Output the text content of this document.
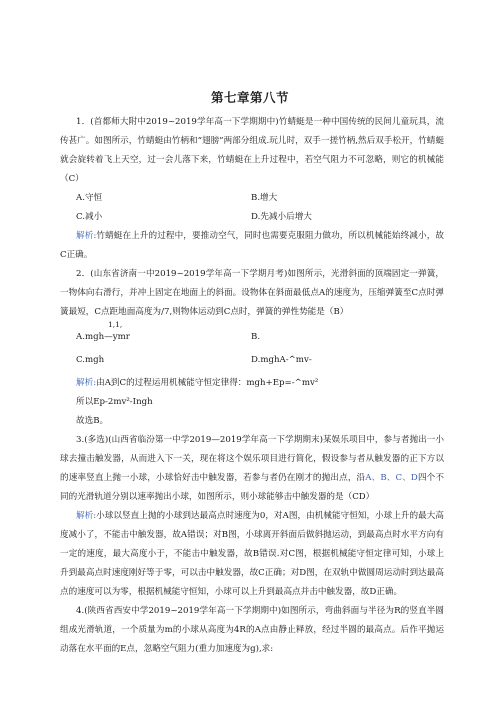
第七章第八节

1．(首都师大附中2019~2019学年高一下学期期中)竹蜻蜓是一种中国传统的民间儿童玩具，流传甚广。如图所示，竹蜻蜓由竹柄和“翅膀”两部分组成.玩儿时，双手一搓竹柄,然后双手松开，竹蜻蜓就会旋转着飞上天空，过一会儿落下来，竹蜻蜓在上升过程中，若空气阻力不可忽略，则它的机械能（C）

A.守恒	B.增大
C.减小	D.先减小后增大

解析:竹蜻蜓在上升的过程中，要推动空气，同时也需要克服阻力做功，所以机械能始终减小，故C正确。

2．(山东省济南一中2019~2019学年高一下学期月考)如图所示，光滑斜面的顶端固定一弹簧，一物体向右滑行，并冲上固定在地面上的斜面。设物体在斜面最低点A的速度为，压缩弹簧至C点时弹簧最短，C点距地面高度为/7,则物体运动到C点时，弹簧的弹性势能是（B）

1,1,
A.mgh—ymr	B.
C.mgh	D.mghA-^mv-

解析:由A到C的过程运用机械能守恒定律得：mgh+Ep=-^mv²

所以Ep-2mv²-Ingh

故选B。

3.(多选)(山西省临汾第一中学2019—2019学年高一下学期期末)某娱乐项目中，参与者抛出一小球去撞击触发器，从而进入下一关，现在将这个娱乐项目进行简化，假设参与者从触发器的正下方以的速率竖直上抛一小球，小球恰好击中触发器，若参与者仍在刚才的抛出点，沿A、B、C、D四个不同的光滑轨道分别以速率抛出小球，如图所示，则小球能够击中触发器的是（CD）

解析:小球以竖直上抛的小球到达最高点时速度为0，对A图，由机械能守恒知，小球上升的最大高度减小了，不能击中触发器，故A错误；对B图，小球离开斜面后做斜抛运动，到最高点时水平方向有一定的速度，最大高度小于，不能击中触发器，故B错误.对C图，根据机械能守恒定律可知，小球上升到最高点时速度刚好等于零，可以击中触发器，故C正确；对D图，在双轨中做圆周运动时到达最高点的速度可以为零，根据机械能守恒知，小球可以上升到最高点并击中触发器，故D正确。

4.(陕西省西安中学2019~2019学年高一下学期期中)如图所示，弯曲斜面与半径为R的竖直半圆组成光滑轨道，一个质量为m的小球从高度为4R的A点由静止释放，经过半圆的最高点。后作平抛运动落在水平面的E点，忽略空气阻力(重力加速度为g),求:
